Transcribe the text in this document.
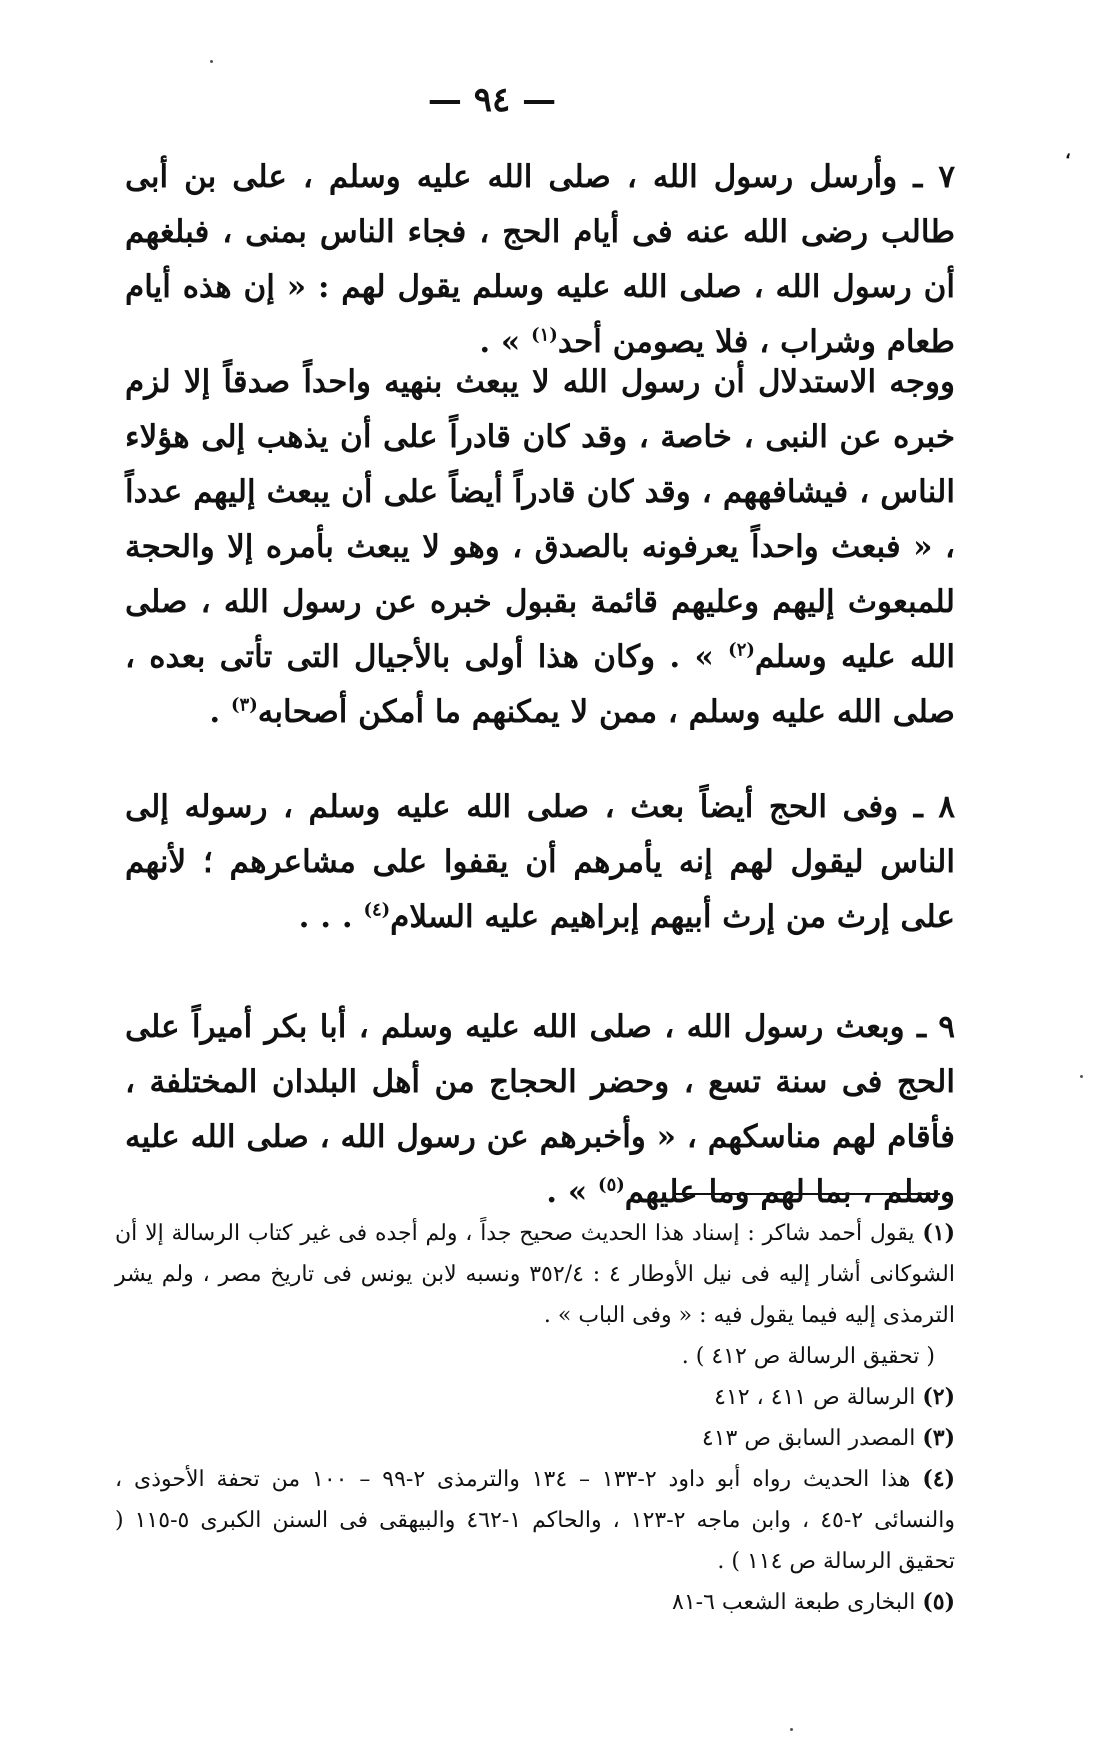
،
— ٩٤ —

٧ ـ وأرسل رسول الله ، صلى الله عليه وسلم ، على بن أبى طالب رضى الله عنه فى أيام الحج ، فجاء الناس بمنى ، فبلغهم أن رسول الله ، صلى الله عليه وسلم يقول لهم : « إن هذه أيام طعام وشراب ، فلا يصومن أحد$^{(١)}$ » .

ووجه الاستدلال أن رسول الله لا يبعث بنهيه واحداً صدقاً إلا لزم خبره عن النبى ، خاصة ، وقد كان قادراً على أن يذهب إلى هؤلاء الناس ، فيشافههم ، وقد كان قادراً أيضاً على أن يبعث إليهم عدداً ، « فبعث واحداً يعرفونه بالصدق ، وهو لا يبعث بأمره إلا والحجة للمبعوث إليهم وعليهم قائمة بقبول خبره عن رسول الله ، صلى الله عليه وسلم$^{(٢)}$ » . وكان هذا أولى بالأجيال التى تأتى بعده ، صلى الله عليه وسلم ، ممن لا يمكنهم ما أمكن أصحابه$^{(٣)}$ .

٨ ـ وفى الحج أيضاً بعث ، صلى الله عليه وسلم ، رسوله إلى الناس ليقول لهم إنه يأمرهم أن يقفوا على مشاعرهم ؛ لأنهم على إرث من إرث أبيهم إبراهيم عليه السلام$^{(٤)}$ . . .

٩ ـ وبعث رسول الله ، صلى الله عليه وسلم ، أبا بكر أميراً على الحج فى سنة تسع ، وحضر الحجاج من أهل البلدان المختلفة ، فأقام لهم مناسكهم ، « وأخبرهم عن رسول الله ، صلى الله عليه وسلم ، بما لهم وما عليهم$^{(٥)}$ » .

(١) يقول أحمد شاكر : إسناد هذا الحديث صحيح جداً ، ولم أجده فى غير كتاب الرسالة إلا أن الشوكانى أشار إليه فى نيل الأوطار ٤ : ٣٥٢/٤ ونسبه لابن يونس فى تاريخ مصر ، ولم يشر الترمذى إليه فيما يقول فيه : « وفى الباب » .

( تحقيق الرسالة ص ٤١٢ ) .

(٢) الرسالة ص ٤١١ ، ٤١٢

(٣) المصدر السابق ص ٤١٣

(٤) هذا الحديث رواه أبو داود ٢-١٣٣ – ١٣٤ والترمذى ٢-٩٩ – ١٠٠ من تحفة الأحوذى ، والنسائى ٢-٤٥ ، وابن ماجه ٢-١٢٣ ، والحاكم ١-٤٦٢ والبيهقى فى السنن الكبرى ٥-١١٥ ( تحقيق الرسالة ص ١١٤ ) .

(٥) البخارى طبعة الشعب ٦-٨١
